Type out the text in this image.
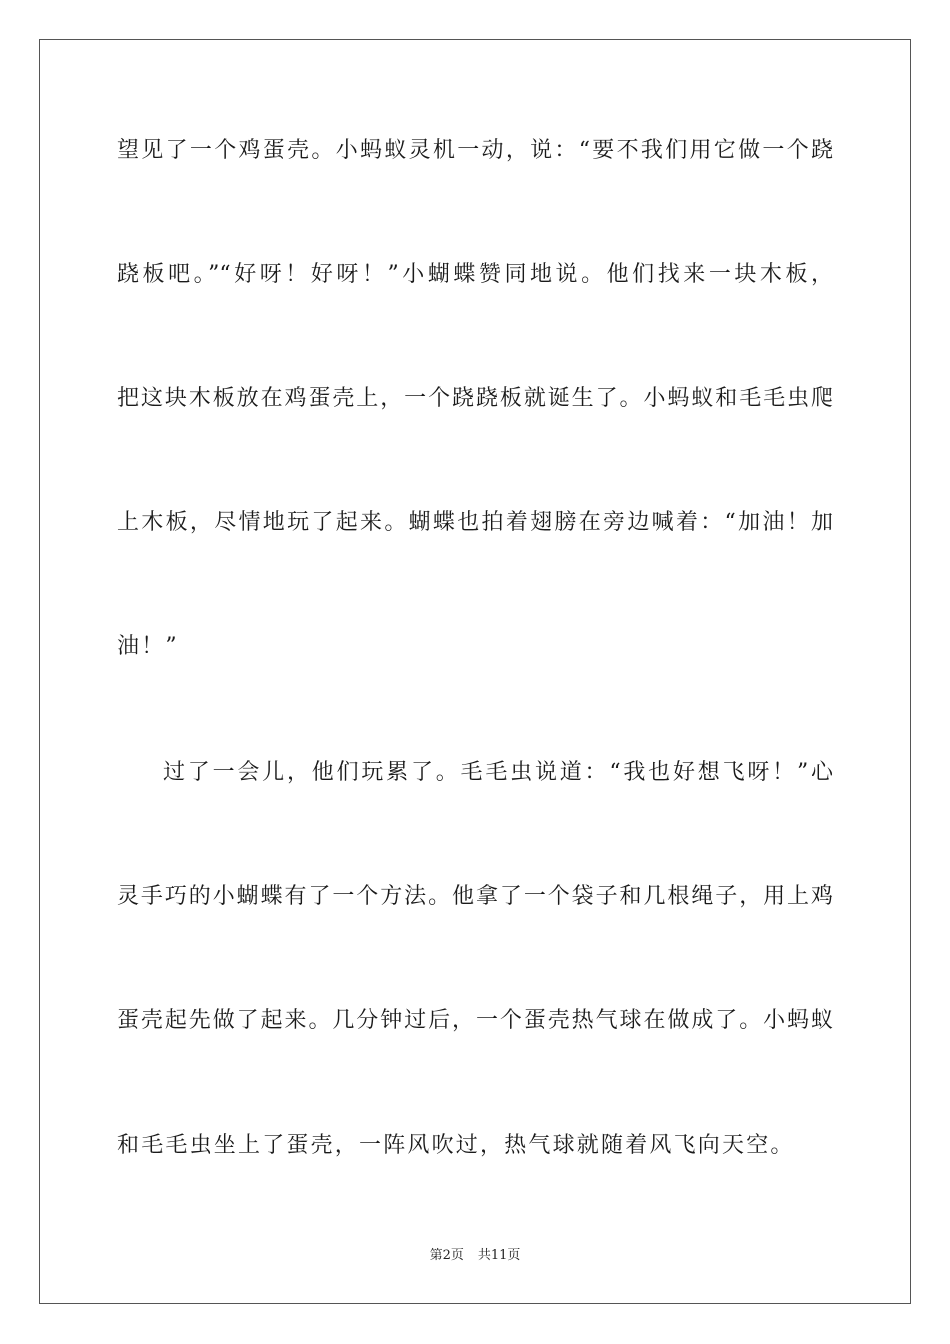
望见了一个鸡蛋壳。小蚂蚁灵机一动，说：“要不我们用它做一个跷
跷板吧。”“好呀！好呀！”小蝴蝶赞同地说。他们找来一块木板，
把这块木板放在鸡蛋壳上，一个跷跷板就诞生了。小蚂蚁和毛毛虫爬
上木板，尽情地玩了起来。蝴蝶也拍着翅膀在旁边喊着：“加油！加
油！”
过了一会儿，他们玩累了。毛毛虫说道：“我也好想飞呀！”心
灵手巧的小蝴蝶有了一个方法。他拿了一个袋子和几根绳子，用上鸡
蛋壳起先做了起来。几分钟过后，一个蛋壳热气球在做成了。小蚂蚁
和毛毛虫坐上了蛋壳，一阵风吹过，热气球就随着风飞向天空。
第2页 共11页
